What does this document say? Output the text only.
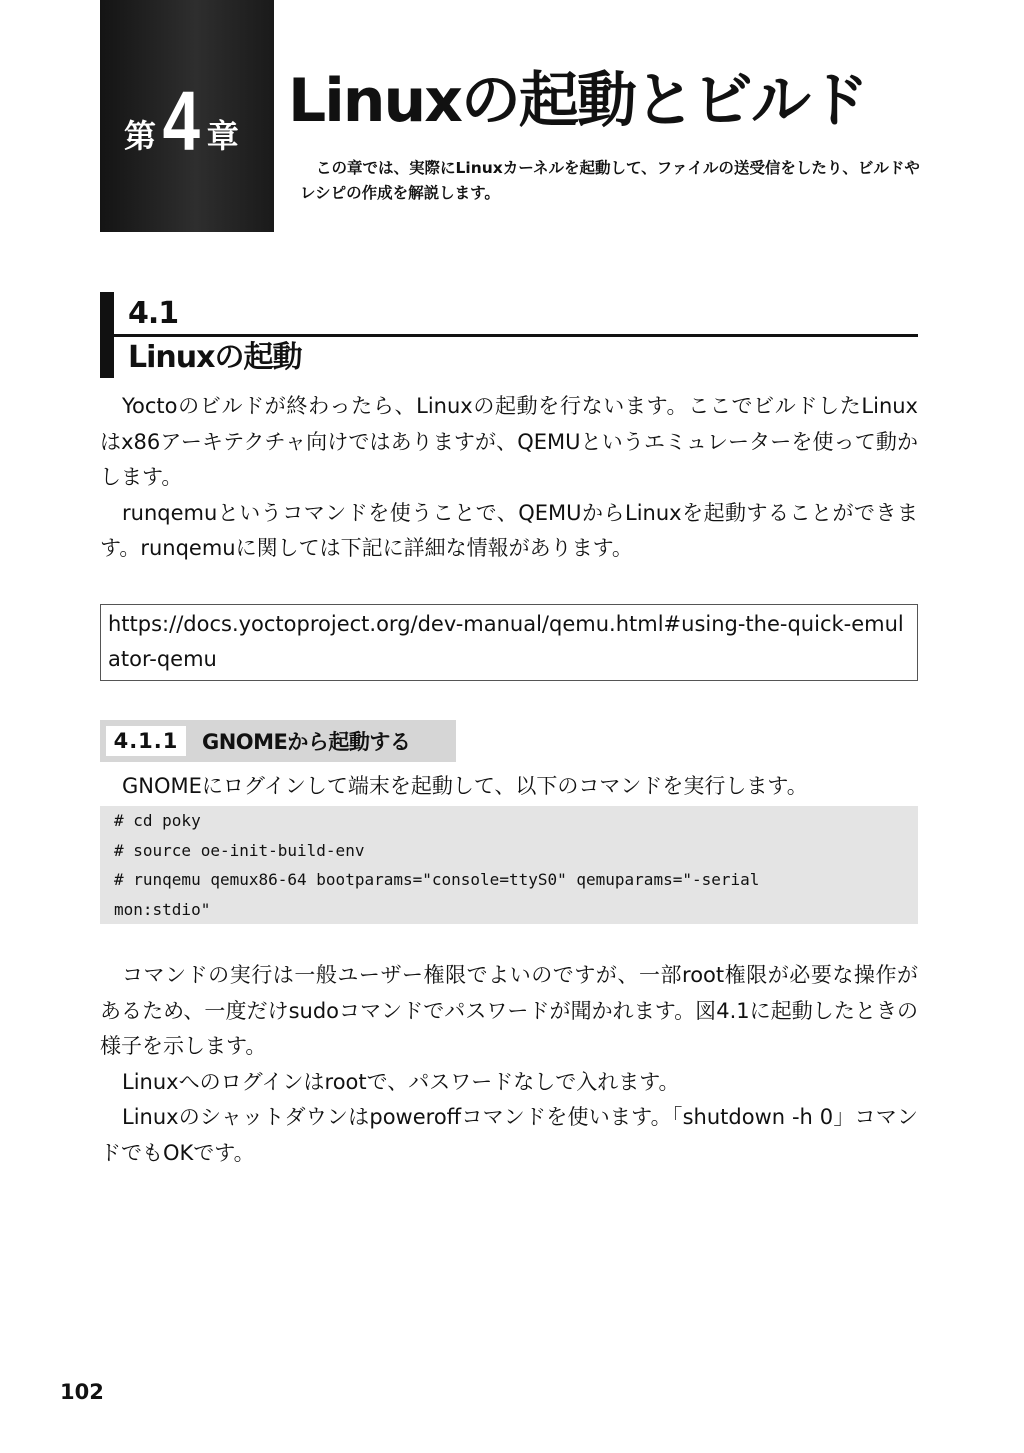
第 4 章 Linuxの起動とビルド

この章では、実際にLinuxカーネルを起動して、ファイルの送受信をしたり、ビルドやレシピの作成を解説します。

4.1
Linuxの起動

Yoctoのビルドが終わったら、Linuxの起動を行ないます。ここでビルドしたLinuxはx86アーキテクチャ向けではありますが、QEMUというエミュレーターを使って動かします。

runqemuというコマンドを使うことで、QEMUからLinuxを起動することができます。runqemuに関しては下記に詳細な情報があります。

https://docs.yoctoproject.org/dev-manual/qemu.html#using-the-quick-emulator-qemu
4.1.1	GNOMEから起動する

GNOMEにログインして端末を起動して、以下のコマンドを実行します。

# cd poky
# source oe-init-build-env
# runqemu qemux86-64 bootparams="console=ttyS0" qemuparams="-serial
mon:stdio"

コマンドの実行は一般ユーザー権限でよいのですが、一部root権限が必要な操作があるため、一度だけsudoコマンドでパスワードが聞かれます。図4.1に起動したときの様子を示します。

Linuxへのログインはrootで、パスワードなしで入れます。

Linuxのシャットダウンはpoweroffコマンドを使います。「shutdown -h 0」コマンドでもOKです。

102
